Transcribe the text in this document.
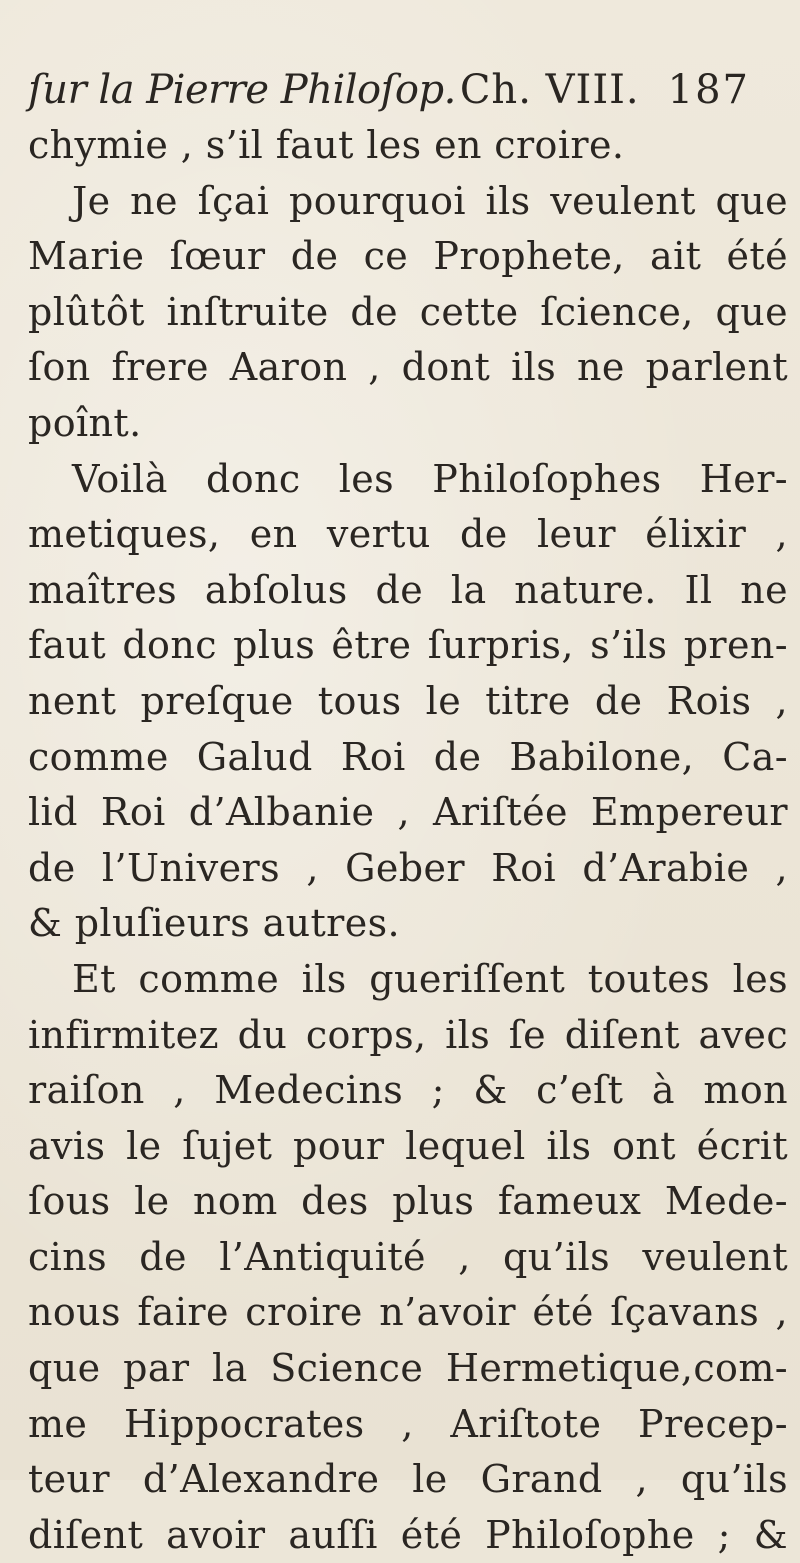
ſur la Pierre Philoſop. Ch. VIII. 187
chymie , s’il faut les en croire.
Je ne ſçai pourquoi ils veulent que
Marie ſœur de ce Prophete, ait été
plûtôt inſtruite de cette ſcience, que
ſon frere Aaron , dont ils ne parlent
poînt.
Voilà donc les Philoſophes Her-
metiques, en vertu de leur élixir ,
maîtres abſolus de la nature. Il ne
faut donc plus être ſurpris, s’ils pren-
nent preſque tous le titre de Rois ,
comme Galud Roi de Babilone, Ca-
lid Roi d’Albanie , Ariſtée Empereur
de l’Univers , Geber Roi d’Arabie ,
& pluſieurs autres.
Et comme ils gueriſſent toutes les
infirmitez du corps, ils ſe diſent avec
raiſon , Medecins ; & c’eſt à mon
avis le ſujet pour lequel ils ont écrit
ſous le nom des plus fameux Mede-
cins de l’Antiquité , qu’ils veulent
nous faire croire n’avoir été ſçavans ,
que par la Science Hermetique,com-
me Hippocrates , Ariſtote Precep-
teur d’Alexandre le Grand , qu’ils
diſent avoir auſſi été Philoſophe ; &
